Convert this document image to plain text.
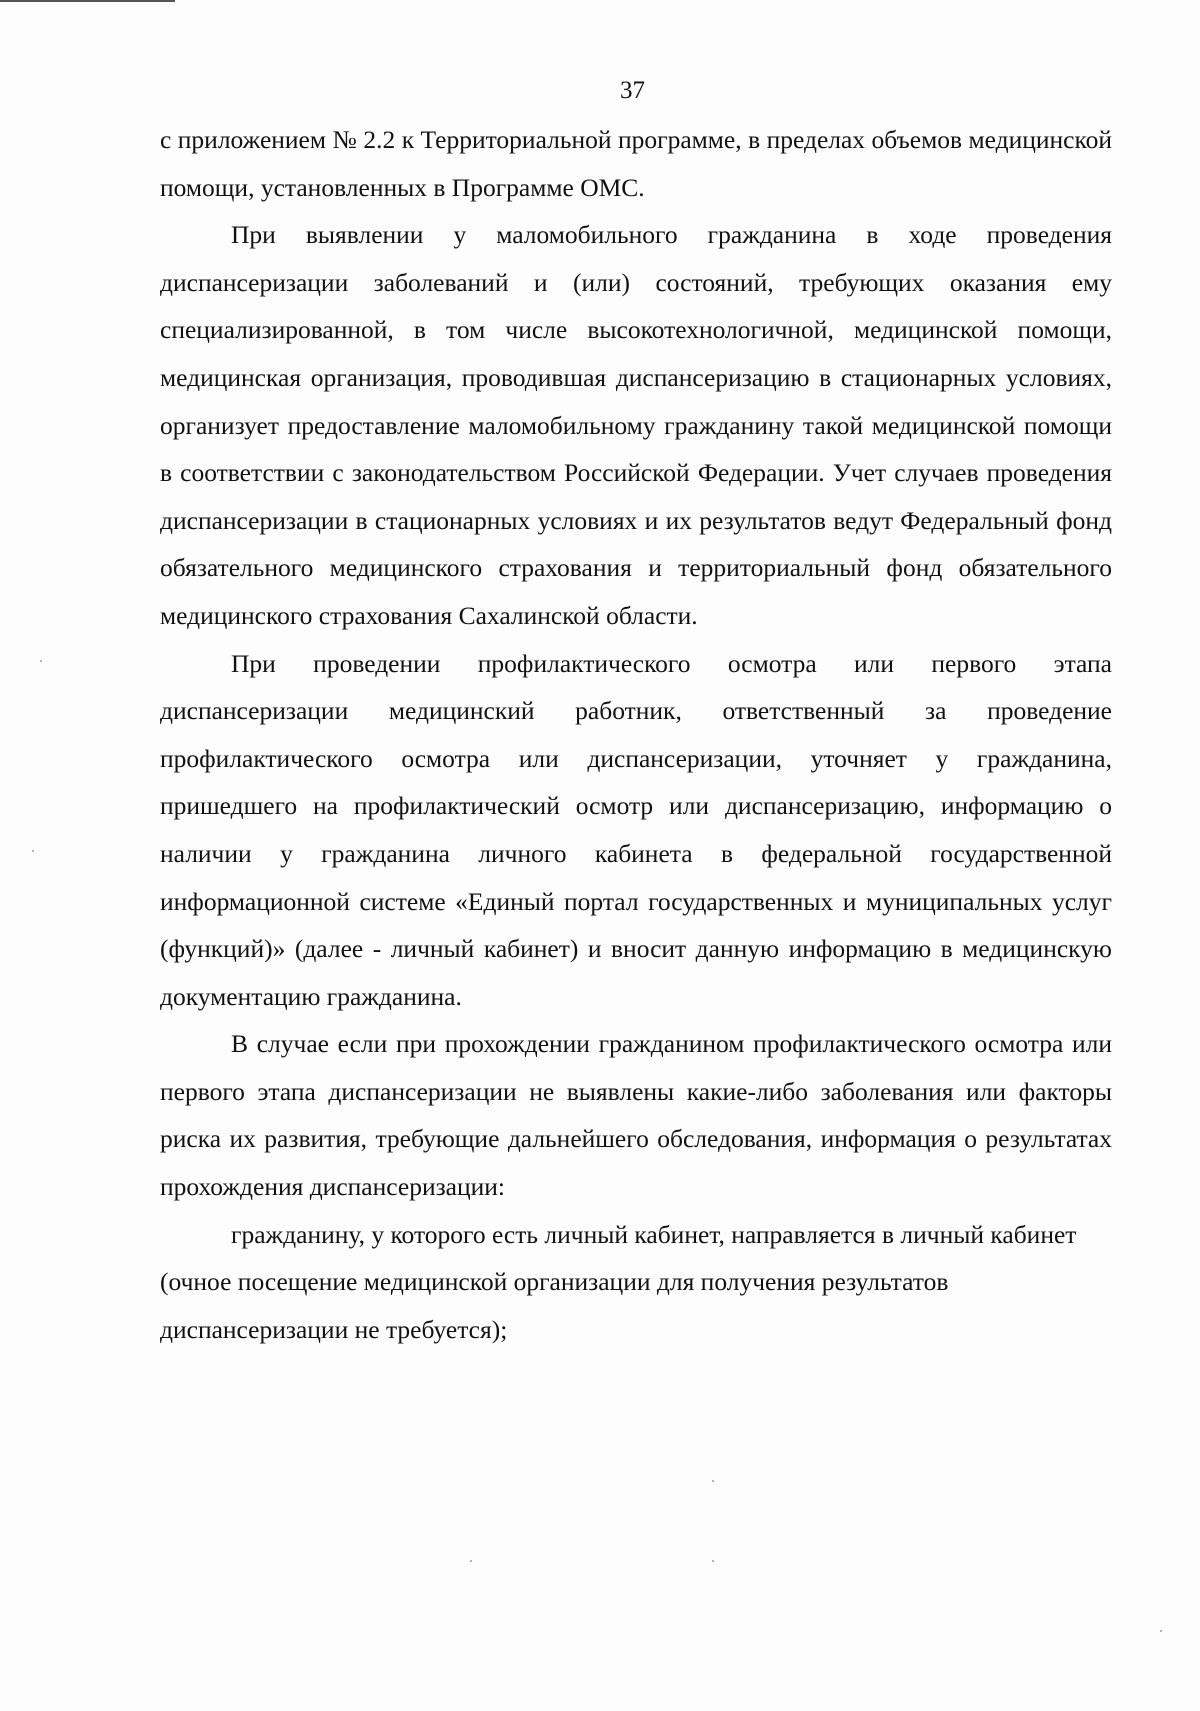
37

с приложением № 2.2 к Территориальной программе, в пределах объемов медицинской помощи, установленных в Программе ОМС.

При выявлении у маломобильного гражданина в ходе проведения диспансеризации заболеваний и (или) состояний, требующих оказания ему специализированной, в том числе высокотехнологичной, медицинской помощи, медицинская организация, проводившая диспансеризацию в стационарных условиях, организует предоставление маломобильному гражданину такой медицинской помощи в соответствии с законодательством Российской Федерации. Учет случаев проведения диспансеризации в стационарных условиях и их результатов ведут Федеральный фонд обязательного медицинского страхования и территориальный фонд обязательного медицинского страхования Сахалинской области.

При проведении профилактического осмотра или первого этапа диспансеризации медицинский работник, ответственный за проведение профилактического осмотра или диспансеризации, уточняет у гражданина, пришедшего на профилактический осмотр или диспансеризацию, информацию о наличии у гражданина личного кабинета в федеральной государственной информационной системе «Единый портал государственных и муниципальных услуг (функций)» (далее - личный кабинет) и вносит данную информацию в медицинскую документацию гражданина.

В случае если при прохождении гражданином профилактического осмотра или первого этапа диспансеризации не выявлены какие-либо заболевания или факторы риска их развития, требующие дальнейшего обследования, информация о результатах прохождения диспансеризации:

гражданину, у которого есть личный кабинет, направляется в личный кабинет (очное посещение медицинской организации для получения результатов диспансеризации не требуется);
